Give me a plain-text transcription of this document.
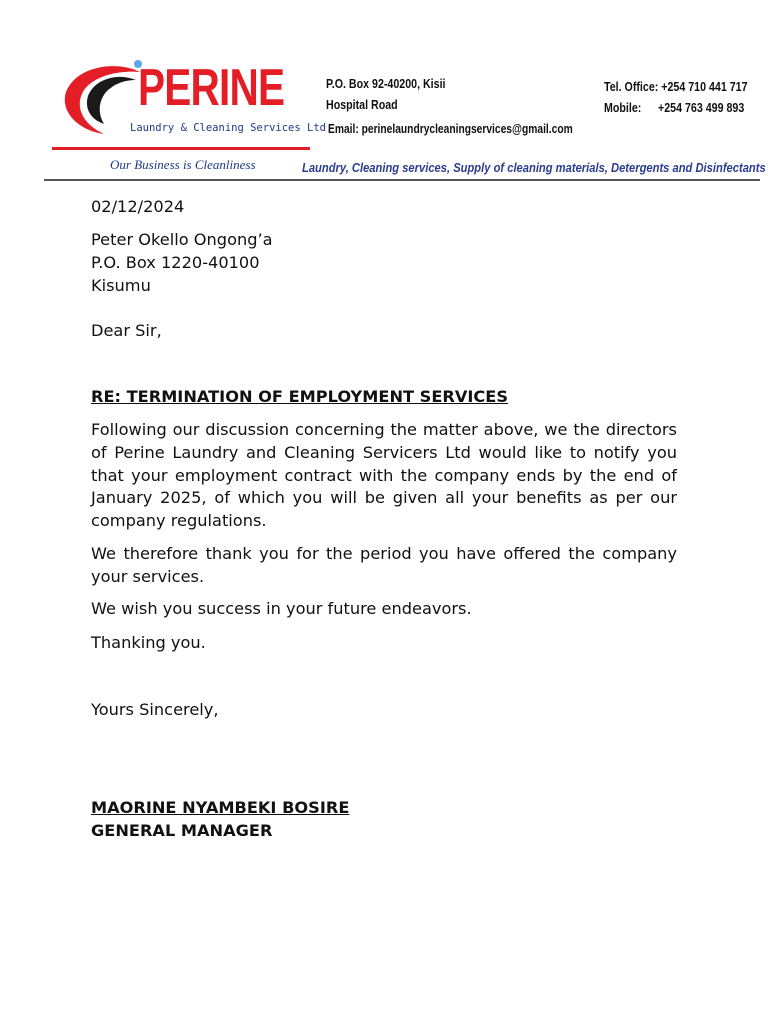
PERINE
Laundry & Cleaning Services Ltd.
Our Business is Cleanliness
P.O. Box 92-40200, Kisii
Hospital Road
Email: perinelaundrycleaningservices@gmail.com
Tel. Office: +254 710 441 717
Mobile: +254 763 499 893
Laundry, Cleaning services, Supply of cleaning materials, Detergents and Disinfectants
02/12/2024
Peter Okello Ongong’a
P.O. Box 1220-40100
Kisumu
Dear Sir,
RE: TERMINATION OF EMPLOYMENT SERVICES
Following our discussion concerning the matter above, we the directors of Perine Laundry and Cleaning Servicers Ltd would like to notify you that your employment contract with the company ends by the end of January 2025, of which you will be given all your benefits as per our company regulations.
We therefore thank you for the period you have offered the company your services.
We wish you success in your future endeavors.
Thanking you.
Yours Sincerely,
MAORINE NYAMBEKI BOSIRE
GENERAL MANAGER
